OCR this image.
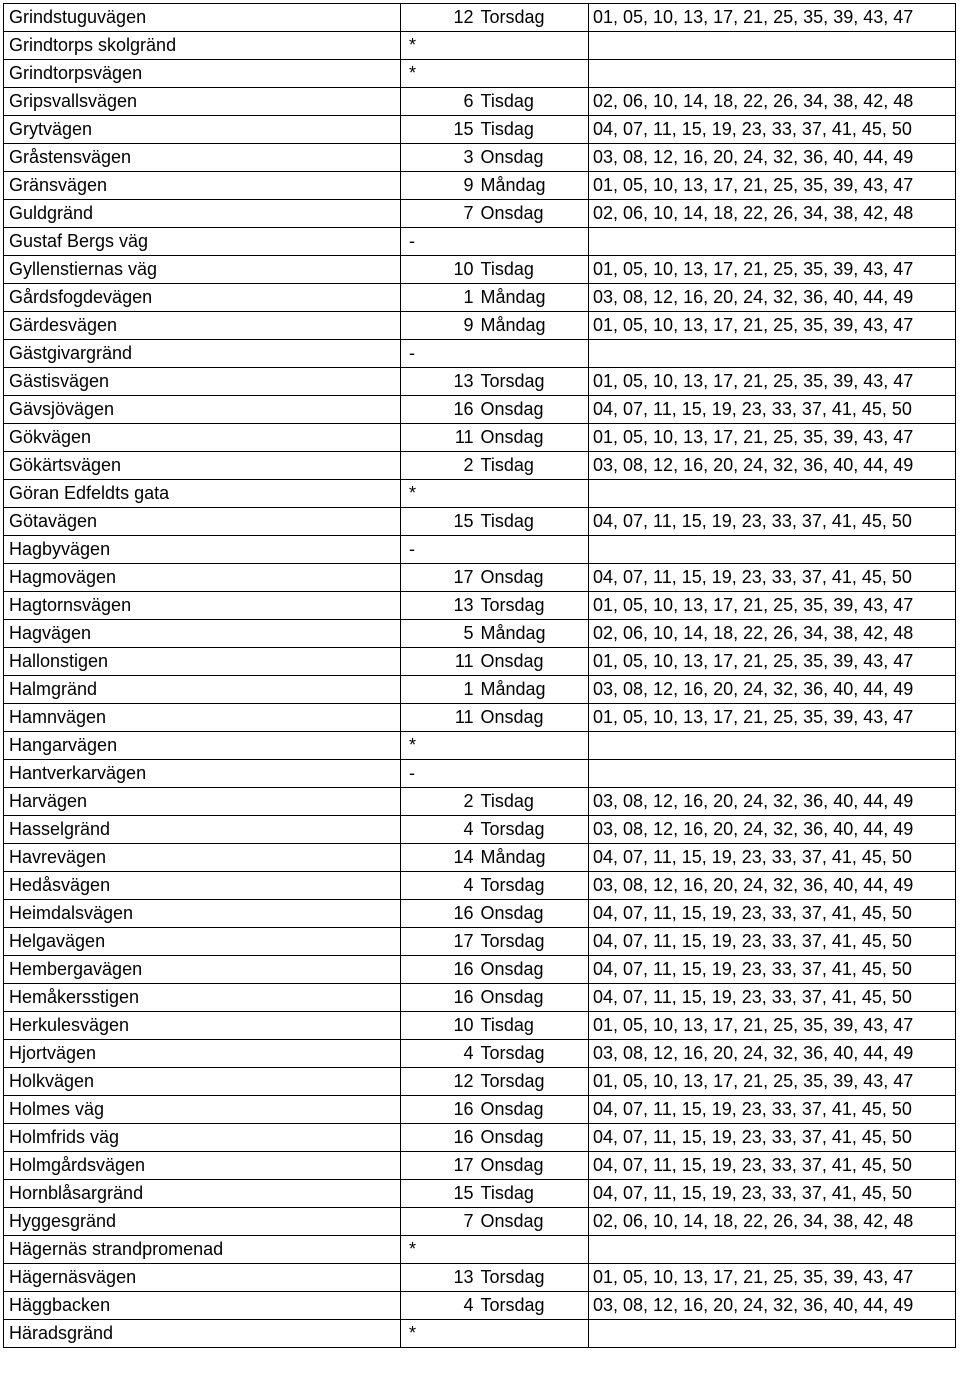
Grindstuguvägen	12	Torsdag	01, 05, 10, 13, 17, 21, 25, 35, 39, 43, 47
Grindtorps skolgränd	*		
Grindtorpsvägen	*		
Gripsvallsvägen	6	Tisdag	02, 06, 10, 14, 18, 22, 26, 34, 38, 42, 48
Grytvägen	15	Tisdag	04, 07, 11, 15, 19, 23, 33, 37, 41, 45, 50
Gråstensvägen	3	Onsdag	03, 08, 12, 16, 20, 24, 32, 36, 40, 44, 49
Gränsvägen	9	Måndag	01, 05, 10, 13, 17, 21, 25, 35, 39, 43, 47
Guldgränd	7	Onsdag	02, 06, 10, 14, 18, 22, 26, 34, 38, 42, 48
Gustaf Bergs väg	-		
Gyllenstiernas väg	10	Tisdag	01, 05, 10, 13, 17, 21, 25, 35, 39, 43, 47
Gårdsfogdevägen	1	Måndag	03, 08, 12, 16, 20, 24, 32, 36, 40, 44, 49
Gärdesvägen	9	Måndag	01, 05, 10, 13, 17, 21, 25, 35, 39, 43, 47
Gästgivargränd	-		
Gästisvägen	13	Torsdag	01, 05, 10, 13, 17, 21, 25, 35, 39, 43, 47
Gävsjövägen	16	Onsdag	04, 07, 11, 15, 19, 23, 33, 37, 41, 45, 50
Gökvägen	11	Onsdag	01, 05, 10, 13, 17, 21, 25, 35, 39, 43, 47
Gökärtsvägen	2	Tisdag	03, 08, 12, 16, 20, 24, 32, 36, 40, 44, 49
Göran Edfeldts gata	*		
Götavägen	15	Tisdag	04, 07, 11, 15, 19, 23, 33, 37, 41, 45, 50
Hagbyvägen	-		
Hagmovägen	17	Onsdag	04, 07, 11, 15, 19, 23, 33, 37, 41, 45, 50
Hagtornsvägen	13	Torsdag	01, 05, 10, 13, 17, 21, 25, 35, 39, 43, 47
Hagvägen	5	Måndag	02, 06, 10, 14, 18, 22, 26, 34, 38, 42, 48
Hallonstigen	11	Onsdag	01, 05, 10, 13, 17, 21, 25, 35, 39, 43, 47
Halmgränd	1	Måndag	03, 08, 12, 16, 20, 24, 32, 36, 40, 44, 49
Hamnvägen	11	Onsdag	01, 05, 10, 13, 17, 21, 25, 35, 39, 43, 47
Hangarvägen	*		
Hantverkarvägen	-		
Harvägen	2	Tisdag	03, 08, 12, 16, 20, 24, 32, 36, 40, 44, 49
Hasselgränd	4	Torsdag	03, 08, 12, 16, 20, 24, 32, 36, 40, 44, 49
Havrevägen	14	Måndag	04, 07, 11, 15, 19, 23, 33, 37, 41, 45, 50
Hedåsvägen	4	Torsdag	03, 08, 12, 16, 20, 24, 32, 36, 40, 44, 49
Heimdalsvägen	16	Onsdag	04, 07, 11, 15, 19, 23, 33, 37, 41, 45, 50
Helgavägen	17	Torsdag	04, 07, 11, 15, 19, 23, 33, 37, 41, 45, 50
Hembergavägen	16	Onsdag	04, 07, 11, 15, 19, 23, 33, 37, 41, 45, 50
Hemåkersstigen	16	Onsdag	04, 07, 11, 15, 19, 23, 33, 37, 41, 45, 50
Herkulesvägen	10	Tisdag	01, 05, 10, 13, 17, 21, 25, 35, 39, 43, 47
Hjortvägen	4	Torsdag	03, 08, 12, 16, 20, 24, 32, 36, 40, 44, 49
Holkvägen	12	Torsdag	01, 05, 10, 13, 17, 21, 25, 35, 39, 43, 47
Holmes väg	16	Onsdag	04, 07, 11, 15, 19, 23, 33, 37, 41, 45, 50
Holmfrids väg	16	Onsdag	04, 07, 11, 15, 19, 23, 33, 37, 41, 45, 50
Holmgårdsvägen	17	Onsdag	04, 07, 11, 15, 19, 23, 33, 37, 41, 45, 50
Hornblåsargränd	15	Tisdag	04, 07, 11, 15, 19, 23, 33, 37, 41, 45, 50
Hyggesgränd	7	Onsdag	02, 06, 10, 14, 18, 22, 26, 34, 38, 42, 48
Hägernäs strandpromenad	*		
Hägernäsvägen	13	Torsdag	01, 05, 10, 13, 17, 21, 25, 35, 39, 43, 47
Häggbacken	4	Torsdag	03, 08, 12, 16, 20, 24, 32, 36, 40, 44, 49
Häradsgränd	*		
